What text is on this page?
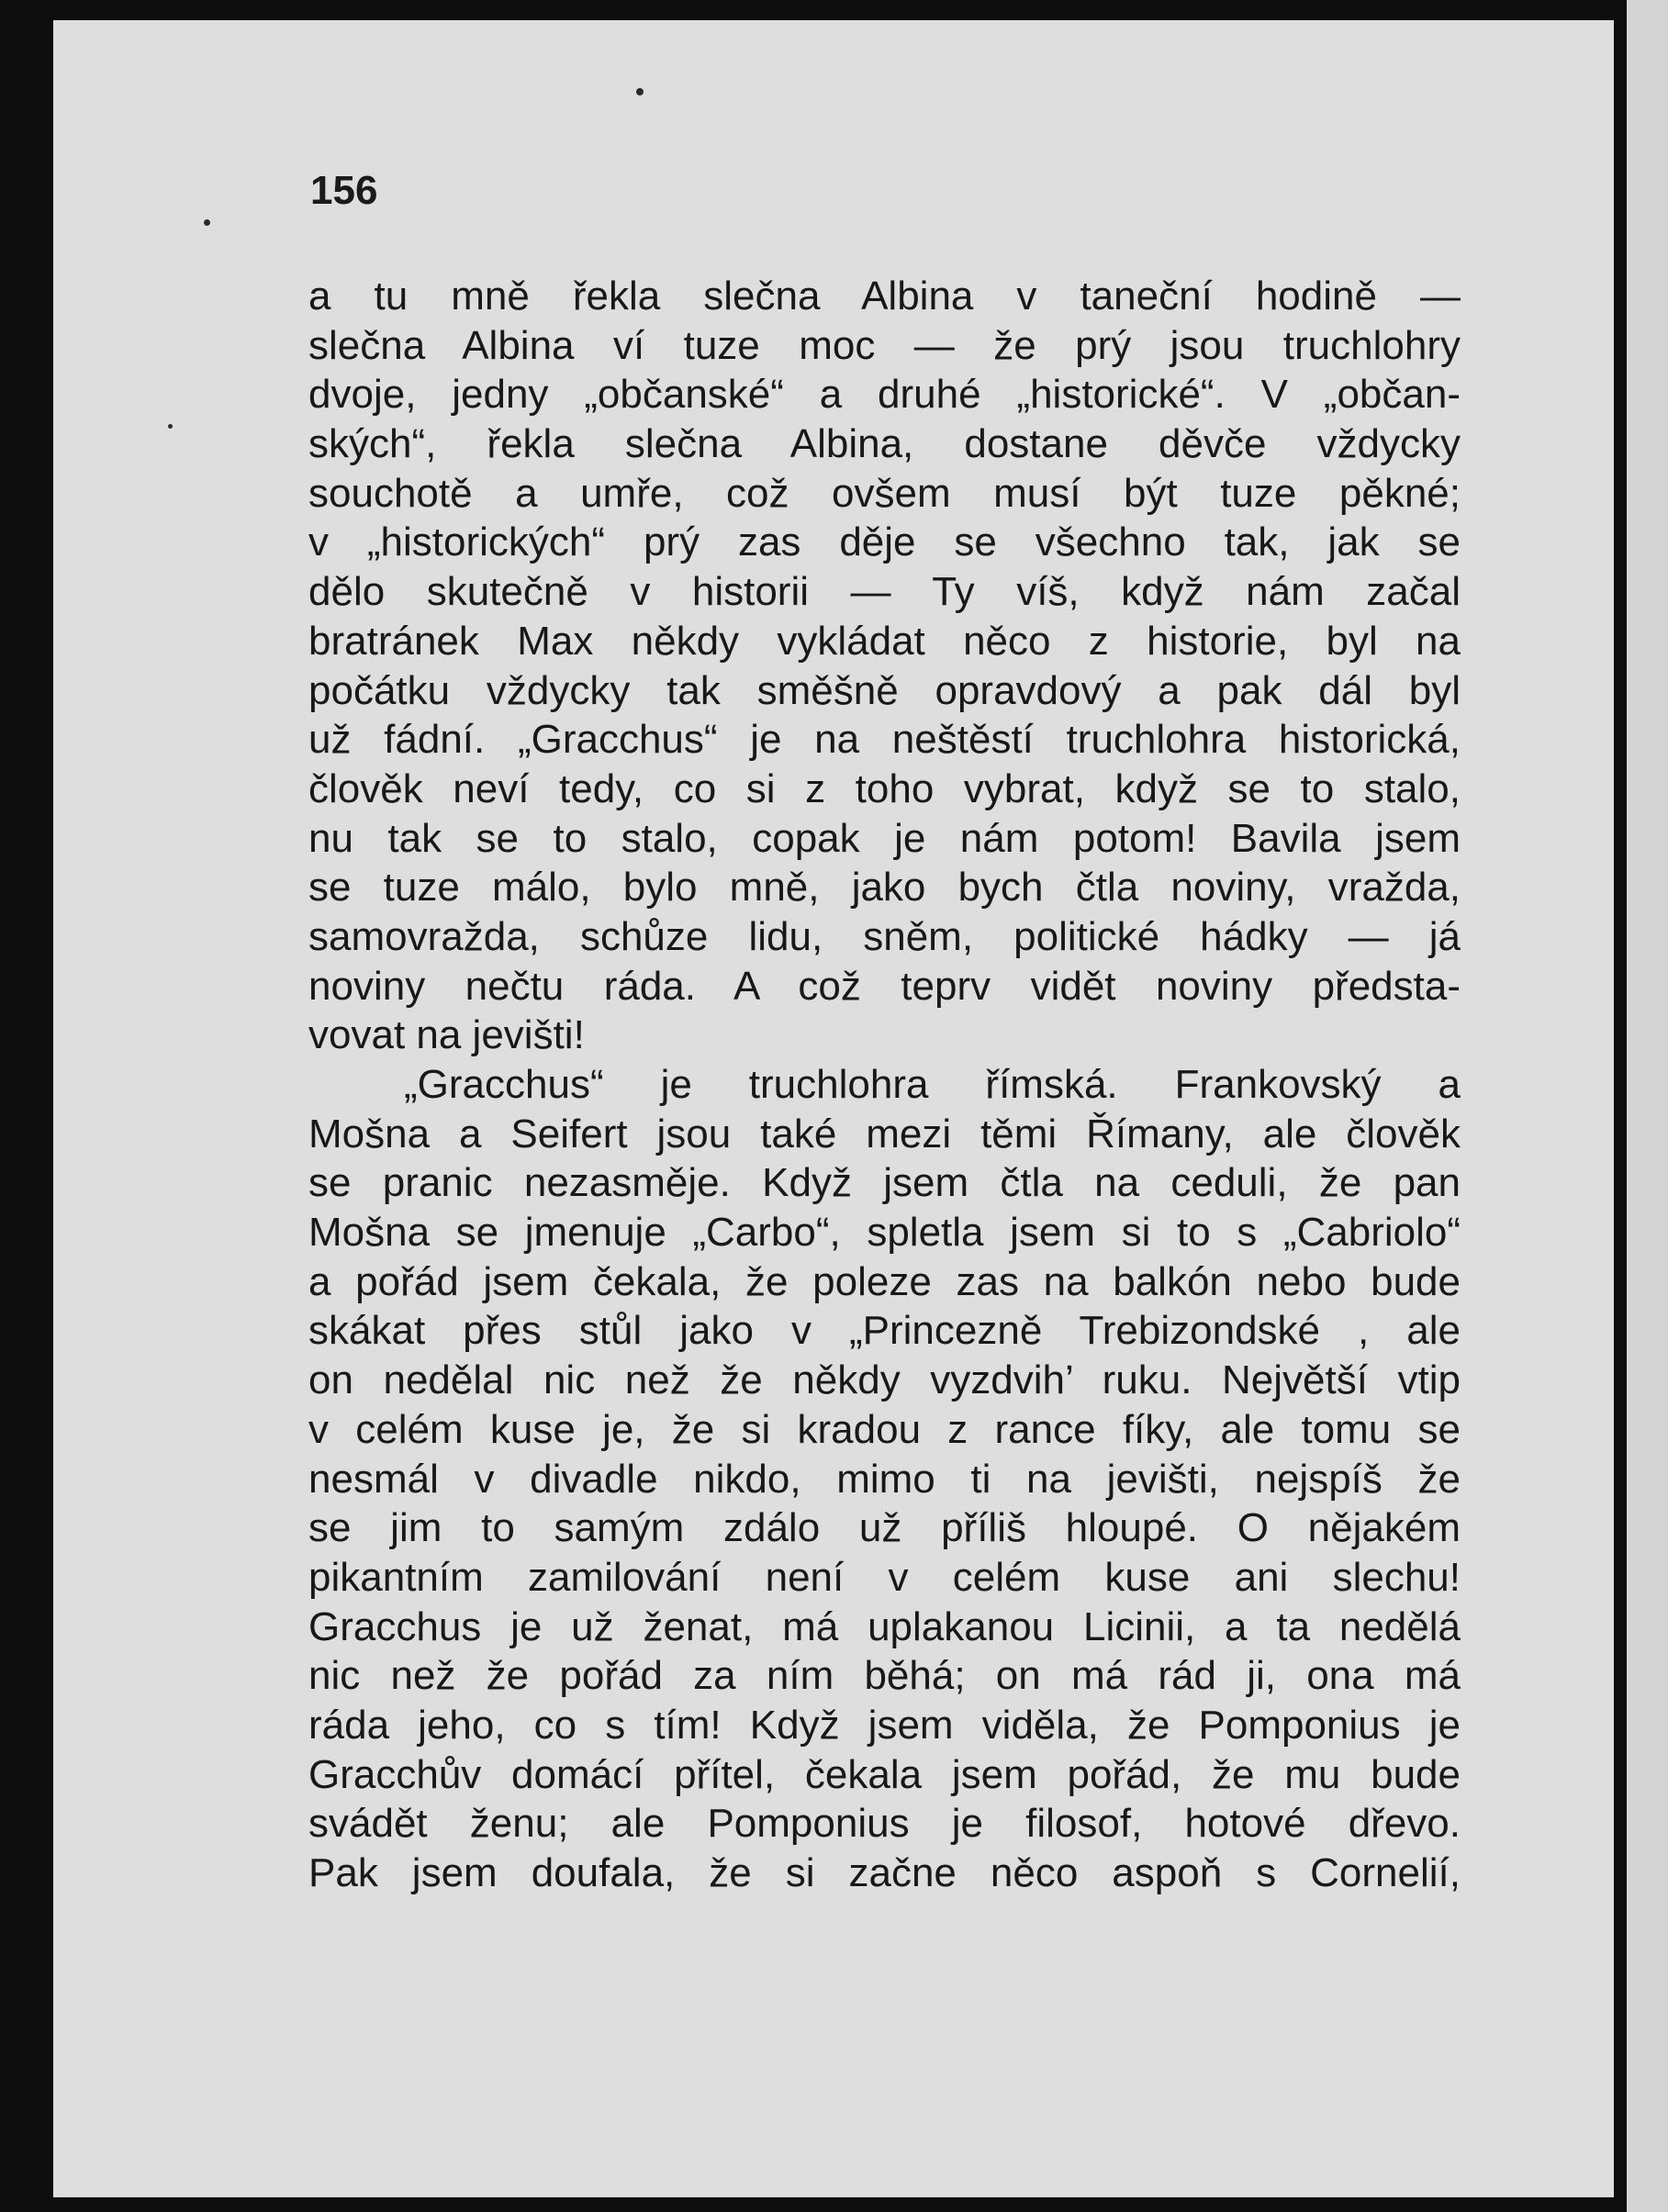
156
a tu mně řekla slečna Albina v taneční hodině —
slečna Albina ví tuze moc — že prý jsou truchlohry
dvoje, jedny „občanské“ a druhé „historické“. V „občan-
ských“, řekla slečna Albina, dostane děvče vždycky
souchotě a umře, což ovšem musí být tuze pěkné;
v „historických“ prý zas děje se všechno tak, jak se
dělo skutečně v historii — Ty víš, když nám začal
bratránek Max někdy vykládat něco z historie, byl na
počátku vždycky tak směšně opravdový a pak dál byl
už fádní. „Gracchus“ je na neštěstí truchlohra historická,
člověk neví tedy, co si z toho vybrat, když se to stalo,
nu tak se to stalo, copak je nám potom! Bavila jsem
se tuze málo, bylo mně, jako bych čtla noviny, vražda,
samovražda, schůze lidu, sněm, politické hádky — já
noviny nečtu ráda. A což teprv vidět noviny předsta-
vovat na jevišti!
„Gracchus“ je truchlohra římská. Frankovský a
Mošna a Seifert jsou také mezi těmi Římany, ale člověk
se pranic nezasměje. Když jsem čtla na ceduli, že pan
Mošna se jmenuje „Carbo“, spletla jsem si to s „Cabriolo“
a pořád jsem čekala, že poleze zas na balkón nebo bude
skákat přes stůl jako v „Princezně Trebizondské , ale
on nedělal nic než že někdy vyzdvih’ ruku. Největší vtip
v celém kuse je, že si kradou z rance fíky, ale tomu se
nesmál v divadle nikdo, mimo ti na jevišti, nejspíš že
se jim to samým zdálo už příliš hloupé. O nějakém
pikantním zamilování není v celém kuse ani slechu!
Gracchus je už ženat, má uplakanou Licinii, a ta nedělá
nic než že pořád za ním běhá; on má rád ji, ona má
ráda jeho, co s tím! Když jsem viděla, že Pomponius je
Gracchův domácí přítel, čekala jsem pořád, že mu bude
svádět ženu; ale Pomponius je filosof, hotové dřevo.
Pak jsem doufala, že si začne něco aspoň s Cornelií,
